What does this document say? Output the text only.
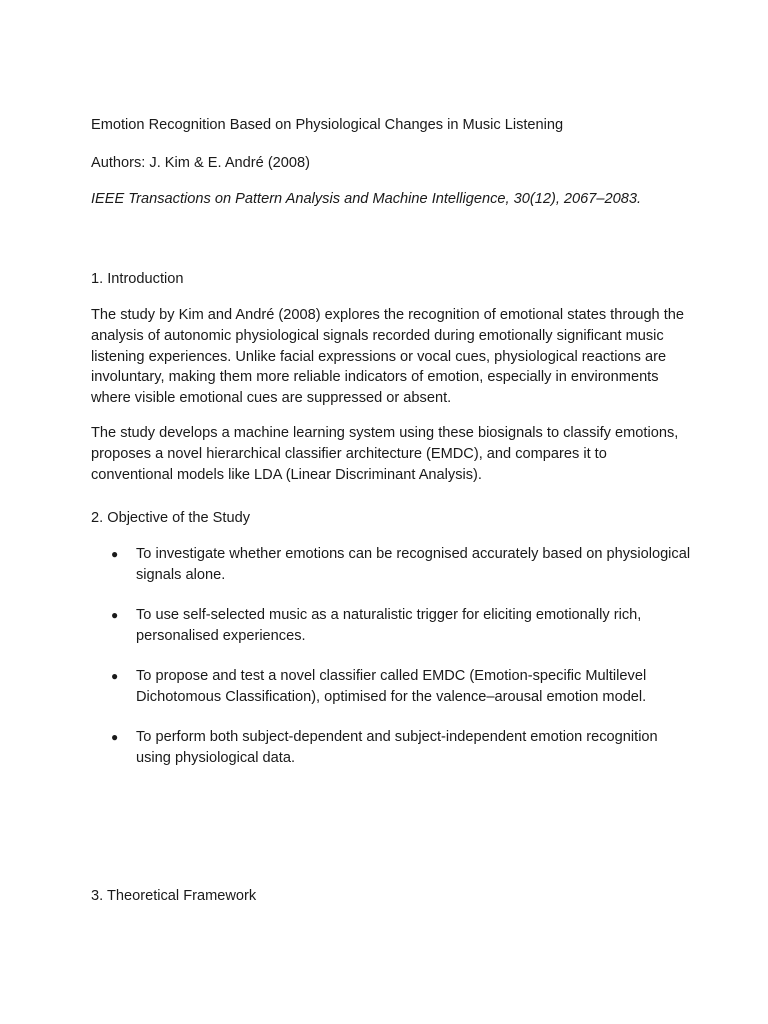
Emotion Recognition Based on Physiological Changes in Music Listening
Authors: J. Kim & E. André (2008)
IEEE Transactions on Pattern Analysis and Machine Intelligence, 30(12), 2067–2083.
1. Introduction
The study by Kim and André (2008) explores the recognition of emotional states through the analysis of autonomic physiological signals recorded during emotionally significant music listening experiences. Unlike facial expressions or vocal cues, physiological reactions are involuntary, making them more reliable indicators of emotion, especially in environments where visible emotional cues are suppressed or absent.
The study develops a machine learning system using these biosignals to classify emotions, proposes a novel hierarchical classifier architecture (EMDC), and compares it to conventional models like LDA (Linear Discriminant Analysis).
2. Objective of the Study
● To investigate whether emotions can be recognised accurately based on physiological signals alone.
● To use self-selected music as a naturalistic trigger for eliciting emotionally rich, personalised experiences.
● To propose and test a novel classifier called EMDC (Emotion-specific Multilevel Dichotomous Classification), optimised for the valence–arousal emotion model.
● To perform both subject-dependent and subject-independent emotion recognition using physiological data.
3. Theoretical Framework
